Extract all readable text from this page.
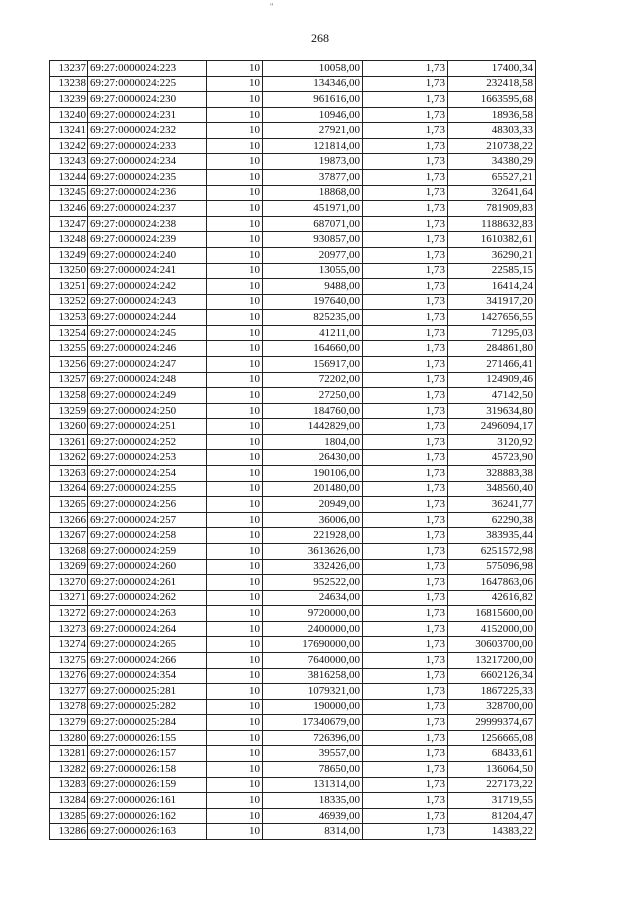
"
268
13237	69:27:0000024:223	10	10058,00	1,73	17400,34
13238	69:27:0000024:225	10	134346,00	1,73	232418,58
13239	69:27:0000024:230	10	961616,00	1,73	1663595,68
13240	69:27:0000024:231	10	10946,00	1,73	18936,58
13241	69:27:0000024:232	10	27921,00	1,73	48303,33
13242	69:27:0000024:233	10	121814,00	1,73	210738,22
13243	69:27:0000024:234	10	19873,00	1,73	34380,29
13244	69:27:0000024:235	10	37877,00	1,73	65527,21
13245	69:27:0000024:236	10	18868,00	1,73	32641,64
13246	69:27:0000024:237	10	451971,00	1,73	781909,83
13247	69:27:0000024:238	10	687071,00	1,73	1188632,83
13248	69:27:0000024:239	10	930857,00	1,73	1610382,61
13249	69:27:0000024:240	10	20977,00	1,73	36290,21
13250	69:27:0000024:241	10	13055,00	1,73	22585,15
13251	69:27:0000024:242	10	9488,00	1,73	16414,24
13252	69:27:0000024:243	10	197640,00	1,73	341917,20
13253	69:27:0000024:244	10	825235,00	1,73	1427656,55
13254	69:27:0000024:245	10	41211,00	1,73	71295,03
13255	69:27:0000024:246	10	164660,00	1,73	284861,80
13256	69:27:0000024:247	10	156917,00	1,73	271466,41
13257	69:27:0000024:248	10	72202,00	1,73	124909,46
13258	69:27:0000024:249	10	27250,00	1,73	47142,50
13259	69:27:0000024:250	10	184760,00	1,73	319634,80
13260	69:27:0000024:251	10	1442829,00	1,73	2496094,17
13261	69:27:0000024:252	10	1804,00	1,73	3120,92
13262	69:27:0000024:253	10	26430,00	1,73	45723,90
13263	69:27:0000024:254	10	190106,00	1,73	328883,38
13264	69:27:0000024:255	10	201480,00	1,73	348560,40
13265	69:27:0000024:256	10	20949,00	1,73	36241,77
13266	69:27:0000024:257	10	36006,00	1,73	62290,38
13267	69:27:0000024:258	10	221928,00	1,73	383935,44
13268	69:27:0000024:259	10	3613626,00	1,73	6251572,98
13269	69:27:0000024:260	10	332426,00	1,73	575096,98
13270	69:27:0000024:261	10	952522,00	1,73	1647863,06
13271	69:27:0000024:262	10	24634,00	1,73	42616,82
13272	69:27:0000024:263	10	9720000,00	1,73	16815600,00
13273	69:27:0000024:264	10	2400000,00	1,73	4152000,00
13274	69:27:0000024:265	10	17690000,00	1,73	30603700,00
13275	69:27:0000024:266	10	7640000,00	1,73	13217200,00
13276	69:27:0000024:354	10	3816258,00	1,73	6602126,34
13277	69:27:0000025:281	10	1079321,00	1,73	1867225,33
13278	69:27:0000025:282	10	190000,00	1,73	328700,00
13279	69:27:0000025:284	10	17340679,00	1,73	29999374,67
13280	69:27:0000026:155	10	726396,00	1,73	1256665,08
13281	69:27:0000026:157	10	39557,00	1,73	68433,61
13282	69:27:0000026:158	10	78650,00	1,73	136064,50
13283	69:27:0000026:159	10	131314,00	1,73	227173,22
13284	69:27:0000026:161	10	18335,00	1,73	31719,55
13285	69:27:0000026:162	10	46939,00	1,73	81204,47
13286	69:27:0000026:163	10	8314,00	1,73	14383,22
